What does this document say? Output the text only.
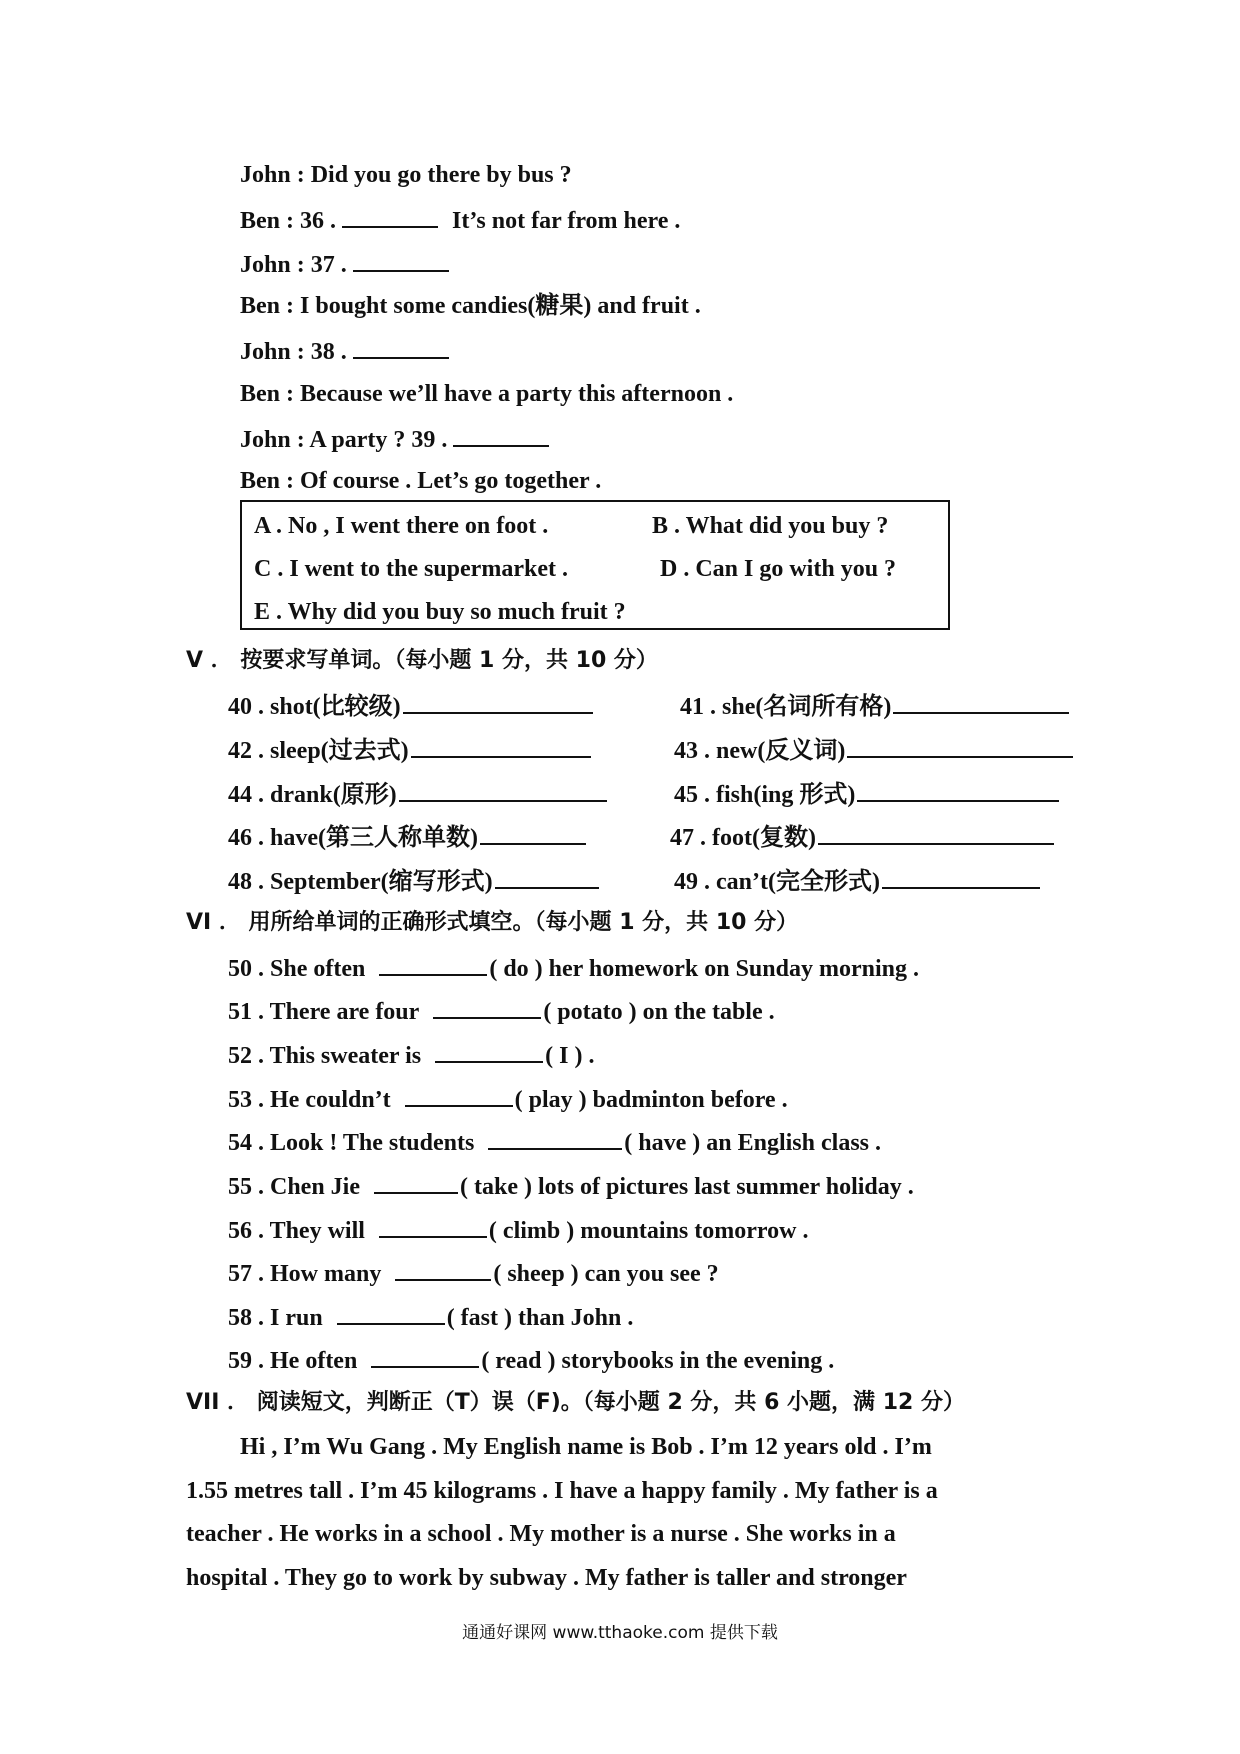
John : Did you go there by bus ?
Ben : 36 .	It’s not far from here .
John : 37 .
Ben : I bought some candies(糖果) and fruit .
John : 38 .
Ben : Because we’ll have a party this afternoon .
John : A party ? 39 .
Ben : Of course . Let’s go together .
A . No , I went there on foot .	B . What did you buy ?
C . I went to the supermarket .	D . Can I go with you ?
E . Why did you buy so much fruit ?
V ． 按要求写单词。（每小题 1 分，共 10 分）
40 . shot(比较级)	41 . she(名词所有格)
42 . sleep(过去式)	43 . new(反义词)
44 . drank(原形)	45 . fish(ing 形式)
46 . have(第三人称单数)	47 . foot(复数)
48 . September(缩写形式)	49 . can’t(完全形式)
VI ． 用所给单词的正确形式填空。（每小题 1 分，共 10 分）
50 . She often	( do ) her homework on Sunday morning .
51 . There are four	( potato ) on the table .
52 . This sweater is	( I ) .
53 . He couldn’t	( play ) badminton before .
54 . Look ! The students	( have ) an English class .
55 . Chen Jie	( take ) lots of pictures last summer holiday .
56 . They will	( climb ) mountains tomorrow .
57 . How many	( sheep ) can you see ?
58 . I run	( fast ) than John .
59 . He often	( read ) storybooks in the evening .
VII ． 阅读短文，判断正（T）误（F)。（每小题 2 分，共 6 小题，满 12 分）
Hi , I’m Wu Gang . My English name is Bob . I’m 12 years old . I’m
1.55 metres tall . I’m 45 kilograms . I have a happy family . My father is a
teacher . He works in a school . My mother is a nurse . She works in a
hospital . They go to work by subway . My father is taller and stronger
通通好课网 www.tthaoke.com 提供下载
